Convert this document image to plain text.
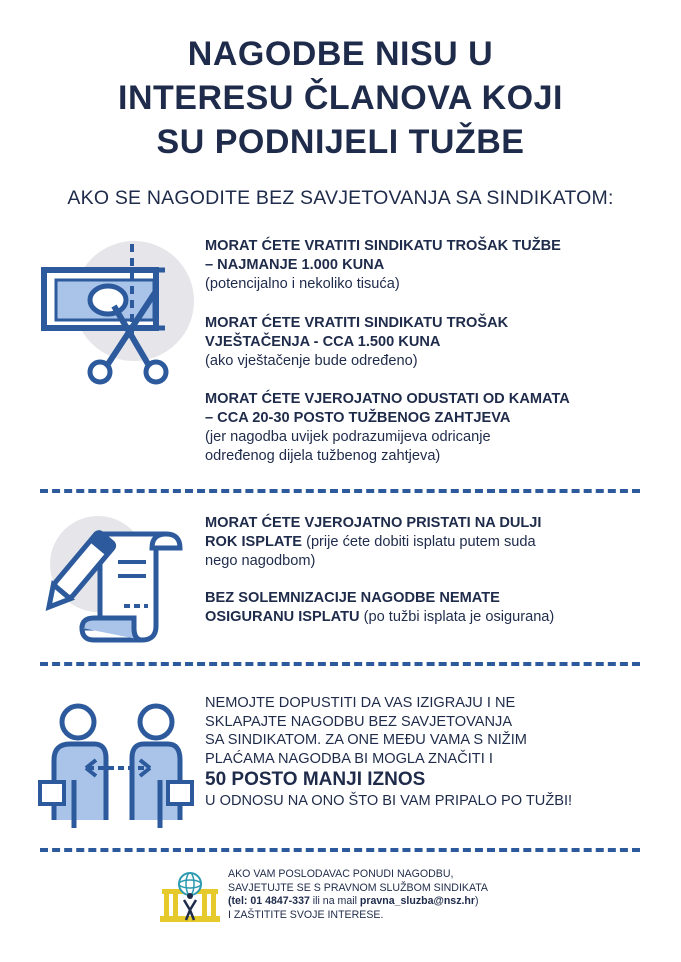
NAGODBE NISU U
INTERESU ČLANOVA KOJI
SU PODNIJELI TUŽBE
AKO SE NAGODITE BEZ SAVJETOVANJA SA SINDIKATOM:
MORAT ĆETE VRATITI SINDIKATU TROŠAK TUŽBE
– NAJMANJE 1.000 KUNA
(potencijalno i nekoliko tisuća)
MORAT ĆETE VRATITI SINDIKATU TROŠAK
VJEŠTAČENJA - CCA 1.500 KUNA
(ako vještačenje bude određeno)
MORAT ĆETE VJEROJATNO ODUSTATI OD KAMATA
– CCA 20-30 POSTO TUŽBENOG ZAHTJEVA
(jer nagodba uvijek podrazumijeva odricanje
određenog dijela tužbenog zahtjeva)
MORAT ĆETE VJEROJATNO PRISTATI NA DULJI
ROK ISPLATE (prije ćete dobiti isplatu putem suda
nego nagodbom)
BEZ SOLEMNIZACIJE NAGODBE NEMATE
OSIGURANU ISPLATU (po tužbi isplata je osigurana)
NEMOJTE DOPUSTITI DA VAS IZIGRAJU I NE
SKLAPAJTE NAGODBU BEZ SAVJETOVANJA
SA SINDIKATOM. ZA ONE MEĐU VAMA S NIŽIM
PLAĆAMA NAGODBA BI MOGLA ZNAČITI I

50 POSTO MANJI IZNOS
U ODNOSU NA ONO ŠTO BI VAM PRIPALO PO TUŽBI!
AKO VAM POSLODAVAC PONUDI NAGODBU,
SAVJETUJTE SE S PRAVNOM SLUŽBOM SINDIKATA
(tel: 01 4847-337 ili na mail pravna_sluzba@nsz.hr)
I ZAŠTITITE SVOJE INTERESE.
